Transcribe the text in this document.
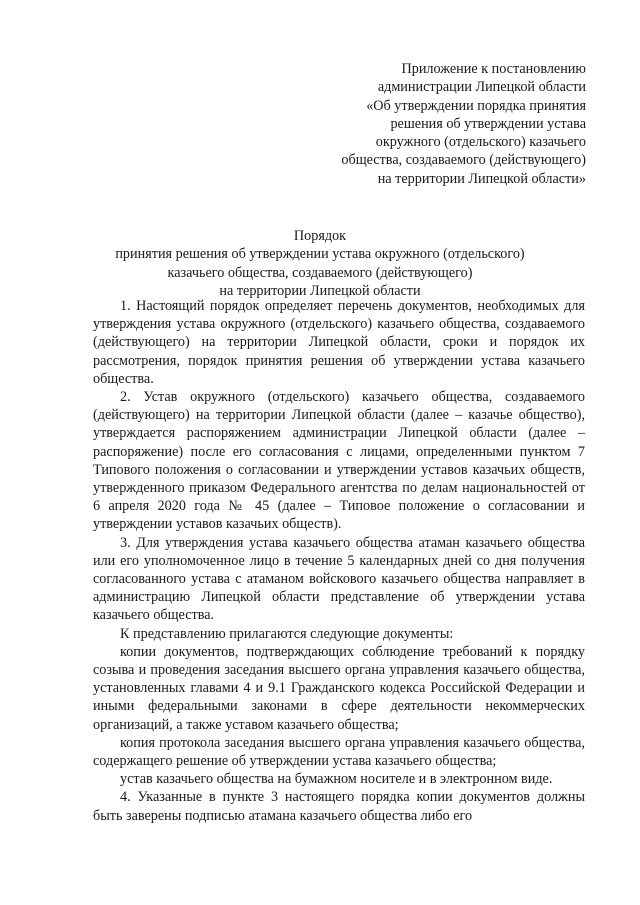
Приложение к постановлению
администрации Липецкой области
«Об утверждении порядка принятия
решения об утверждении устава
окружного (отдельского) казачьего
общества, создаваемого (действующего)
на территории Липецкой области»
Порядок
принятия решения об утверждении устава окружного (отдельского)
казачьего общества, создаваемого (действующего)
на территории Липецкой области

1. Настоящий порядок определяет перечень документов, необходимых для утверждения устава окружного (отдельского) казачьего общества, создаваемого (действующего) на территории Липецкой области, сроки и порядок их рассмотрения, порядок принятия решения об утверждении устава казачьего общества.

2. Устав окружного (отдельского) казачьего общества, создаваемого (действующего) на территории Липецкой области (далее – казачье общество), утверждается распоряжением администрации Липецкой области (далее – распоряжение) после его согласования с лицами, определенными пунктом 7 Типового положения о согласовании и утверждении уставов казачьих обществ, утвержденного приказом Федерального агентства по делам национальностей от 6 апреля 2020 года № 45 (далее – Типовое положение о согласовании и утверждении уставов казачьих обществ).

3. Для утверждения устава казачьего общества атаман казачьего общества или его уполномоченное лицо в течение 5 календарных дней со дня получения согласованного устава с атаманом войскового казачьего общества направляет в администрацию Липецкой области представление об утверждении устава казачьего общества.

К представлению прилагаются следующие документы:

копии документов, подтверждающих соблюдение требований к порядку созыва и проведения заседания высшего органа управления казачьего общества, установленных главами 4 и 9.1 Гражданского кодекса Российской Федерации и иными федеральными законами в сфере деятельности некоммерческих организаций, а также уставом казачьего общества;

копия протокола заседания высшего органа управления казачьего общества, содержащего решение об утверждении устава казачьего общества;

устав казачьего общества на бумажном носителе и в электронном виде.

4. Указанные в пункте 3 настоящего порядка копии документов должны быть заверены подписью атамана казачьего общества либо его
